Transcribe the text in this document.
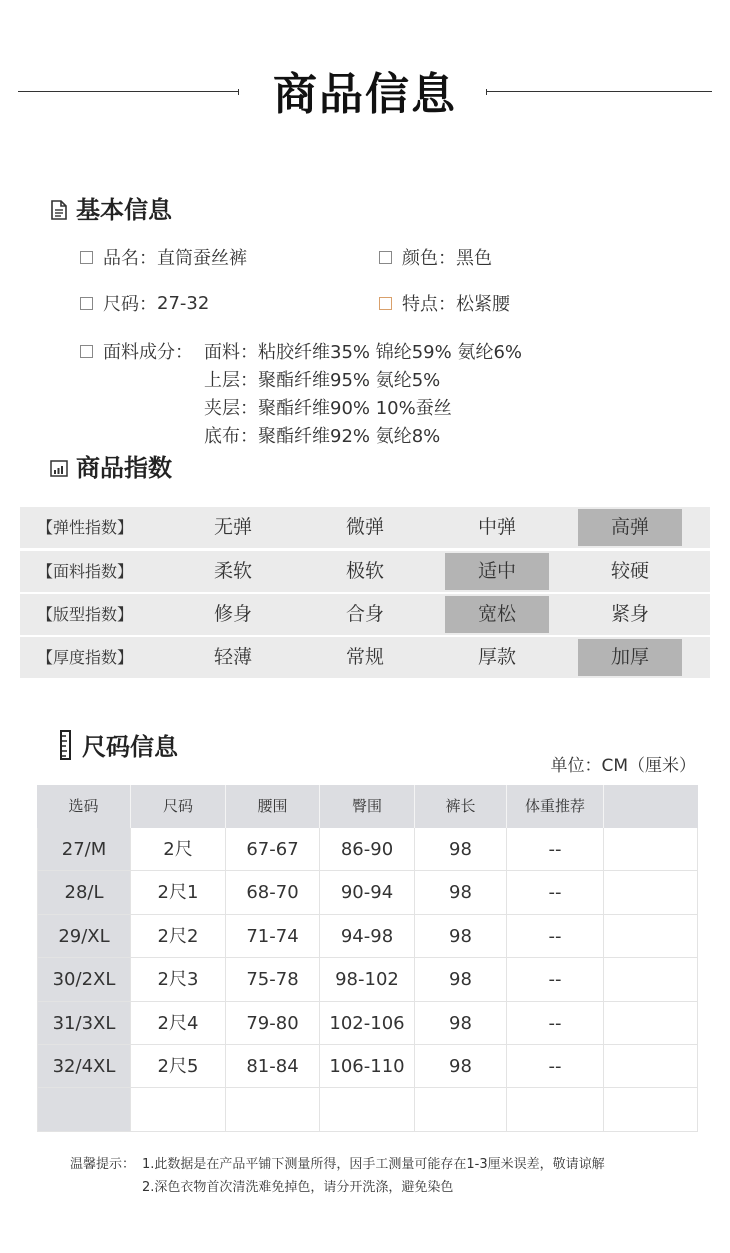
商品信息
基本信息
品名： 直筒蚕丝裤	颜色： 黑色
尺码： 27-32	特点： 松紧腰
面料成分： 面料：粘胶纤维35% 锦纶59% 氨纶6%
上层：聚酯纤维95% 氨纶5%
夹层：聚酯纤维90% 10%蚕丝
底布：聚酯纤维92% 氨纶8%
商品指数
【弹性指数】	无弹	微弹	中弹	高弹
【面料指数】	柔软	极软	适中	较硬
【版型指数】	修身	合身	宽松	紧身
【厚度指数】	轻薄	常规	厚款	加厚
尺码信息
单位：CM（厘米）
选码	尺码	腰围	臀围	裤长	体重推荐
27/M	2尺	67-67	86-90	98	--
28/L	2尺1	68-70	90-94	98	--
29/XL	2尺2	71-74	94-98	98	--
30/2XL	2尺3	75-78	98-102	98	--
31/3XL	2尺4	79-80	102-106	98	--
32/4XL	2尺5	81-84	106-110	98	--
温馨提示： 1.此数据是在产品平铺下测量所得，因手工测量可能存在1-3厘米误差，敬请谅解
2.深色衣物首次清洗难免掉色，请分开洗涤，避免染色
